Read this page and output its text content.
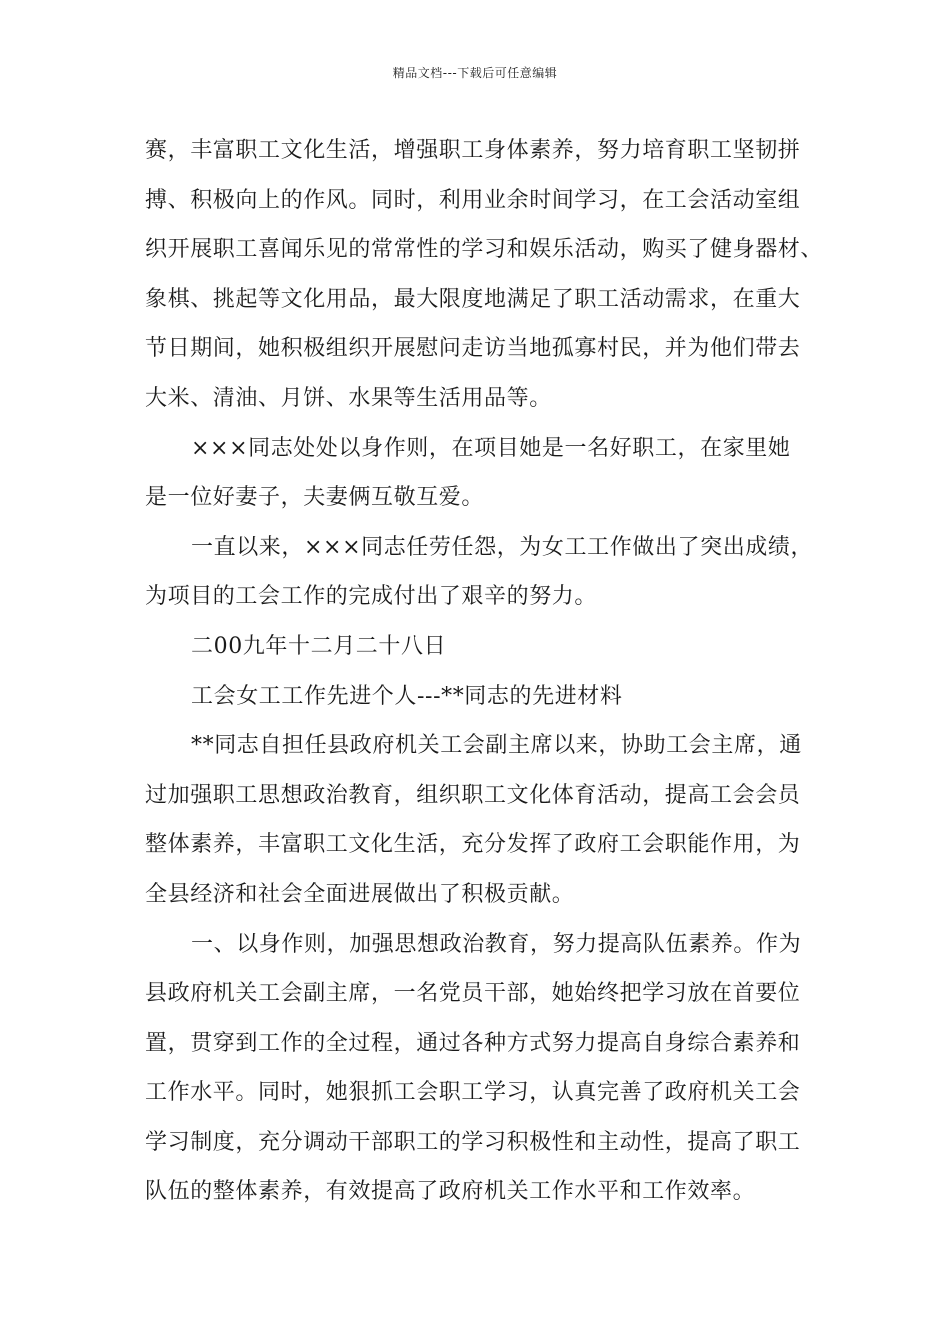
精品文档---下载后可任意编辑
赛，丰富职工文化生活，增强职工身体素养，努力培育职工坚韧拼
搏、积极向上的作风。同时，利用业余时间学习，在工会活动室组
织开展职工喜闻乐见的常常性的学习和娱乐活动，购买了健身器材、
象棋、挑起等文化用品，最大限度地满足了职工活动需求，在重大
节日期间，她积极组织开展慰问走访当地孤寡村民，并为他们带去
大米、清油、月饼、水果等生活用品等。
×××同志处处以身作则，在项目她是一名好职工，在家里她
是一位好妻子，夫妻俩互敬互爱。
一直以来，×××同志任劳任怨，为女工工作做出了突出成绩，
为项目的工会工作的完成付出了艰辛的努力。
二00九年十二月二十八日
工会女工工作先进个人---**同志的先进材料
**同志自担任县政府机关工会副主席以来，协助工会主席，通
过加强职工思想政治教育，组织职工文化体育活动，提高工会会员
整体素养，丰富职工文化生活，充分发挥了政府工会职能作用，为
全县经济和社会全面进展做出了积极贡献。
一、以身作则，加强思想政治教育，努力提高队伍素养。作为
县政府机关工会副主席，一名党员干部，她始终把学习放在首要位
置，贯穿到工作的全过程，通过各种方式努力提高自身综合素养和
工作水平。同时，她狠抓工会职工学习，认真完善了政府机关工会
学习制度，充分调动干部职工的学习积极性和主动性，提高了职工
队伍的整体素养，有效提高了政府机关工作水平和工作效率。
